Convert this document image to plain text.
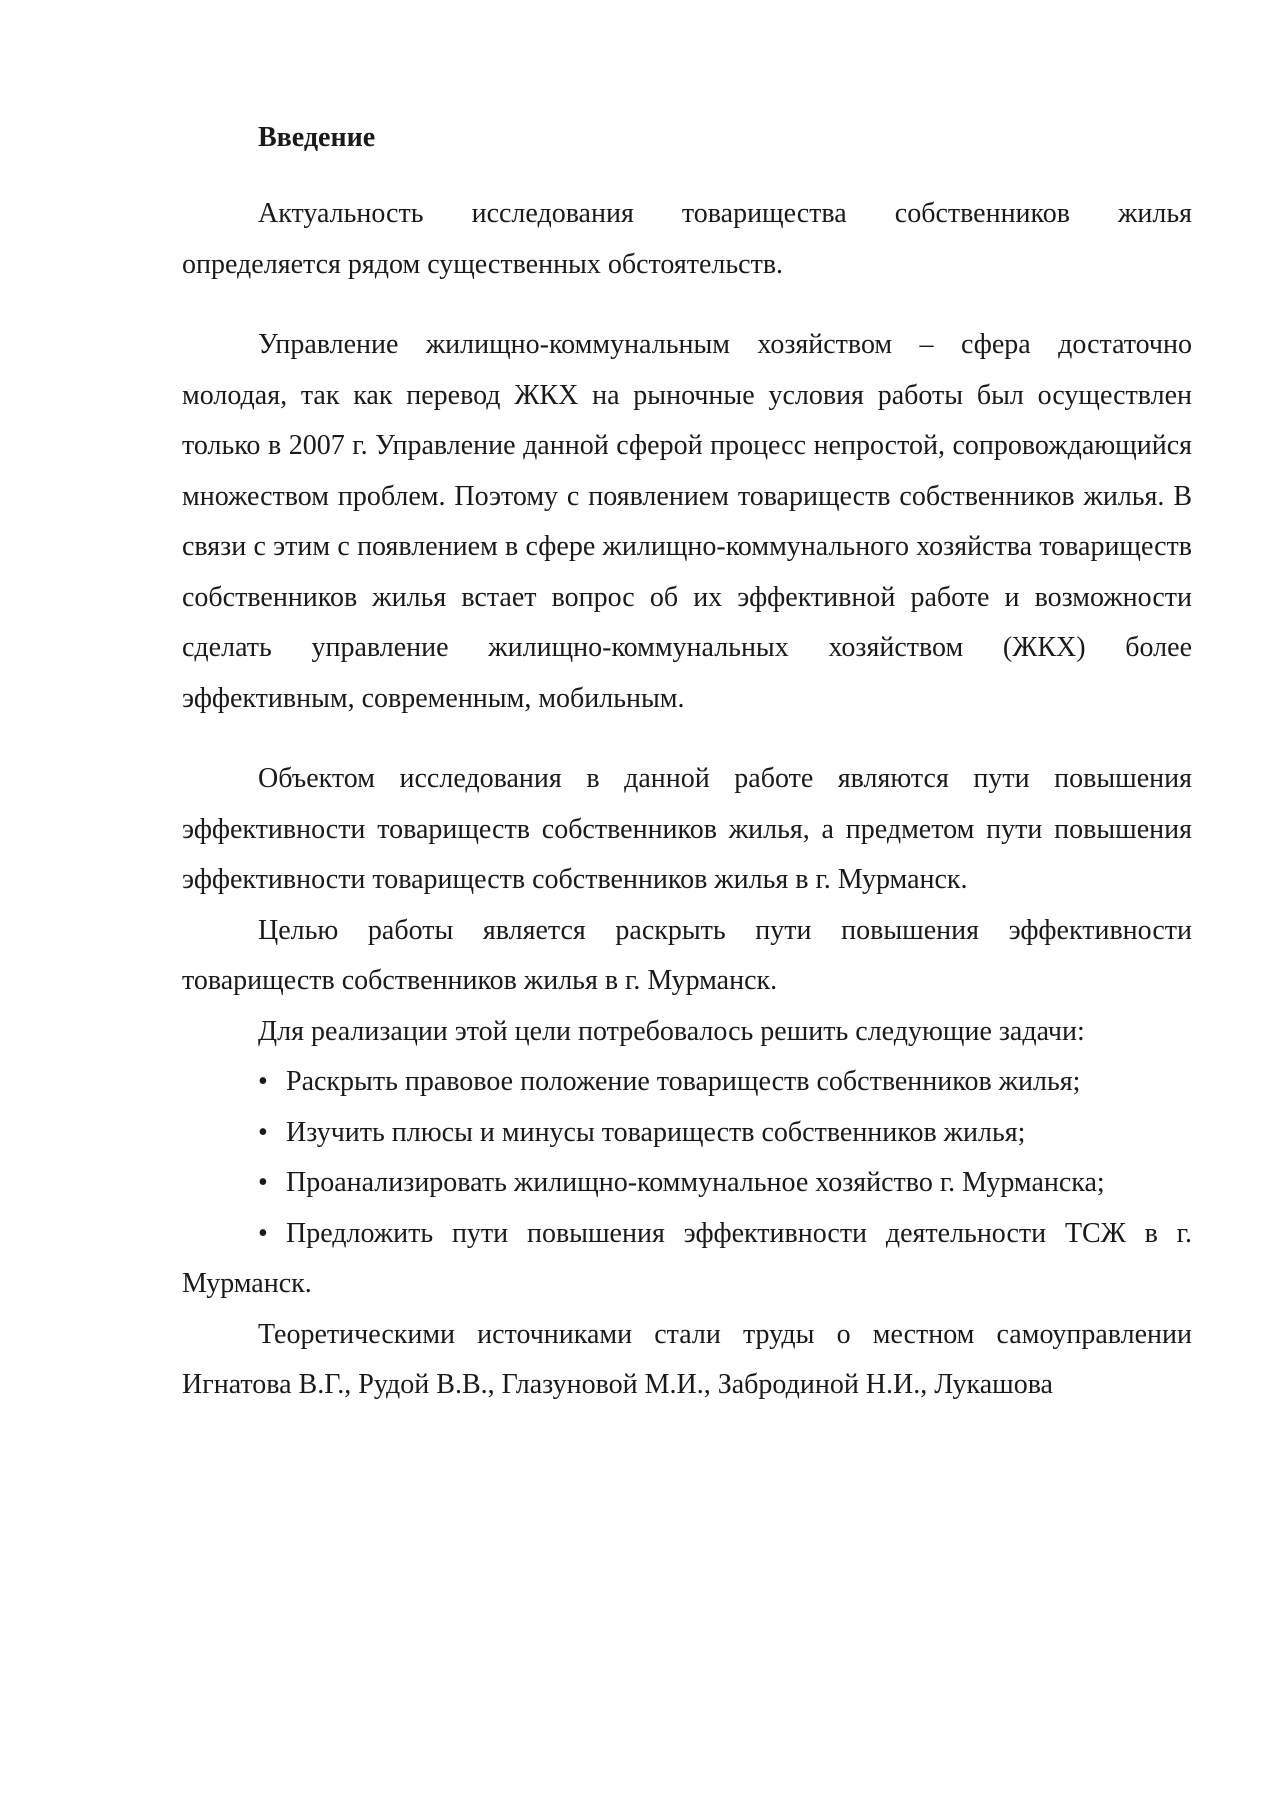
Введение

Актуальность исследования товарищества собственников жилья определяется рядом существенных обстоятельств.

Управление жилищно-коммунальным хозяйством – сфера достаточно молодая, так как перевод ЖКХ на рыночные условия работы был осуществлен только в 2007 г. Управление данной сферой процесс непростой, сопровождающийся множеством проблем. Поэтому с появлением товариществ собственников жилья. В связи с этим с появлением в сфере жилищно-коммунального хозяйства товариществ собственников жилья встает вопрос об их эффективной работе и возможности сделать управление жилищно-коммунальных хозяйством (ЖКХ) более эффективным, современным, мобильным.

Объектом исследования в данной работе являются пути повышения эффективности товариществ собственников жилья, а предметом пути повышения эффективности товариществ собственников жилья в г. Мурманск.

Целью работы является раскрыть пути повышения эффективности товариществ собственников жилья в г. Мурманск.

Для реализации этой цели потребовалось решить следующие задачи:

• Раскрыть правовое положение товариществ собственников жилья;
• Изучить плюсы и минусы товариществ собственников жилья;
• Проанализировать жилищно-коммунальное хозяйство г. Мурманска;
• Предложить пути повышения эффективности деятельности ТСЖ в г. Мурманск.

Теоретическими источниками стали труды о местном самоуправлении Игнатова В.Г., Рудой В.В., Глазуновой М.И., Забродиной Н.И., Лукашова
